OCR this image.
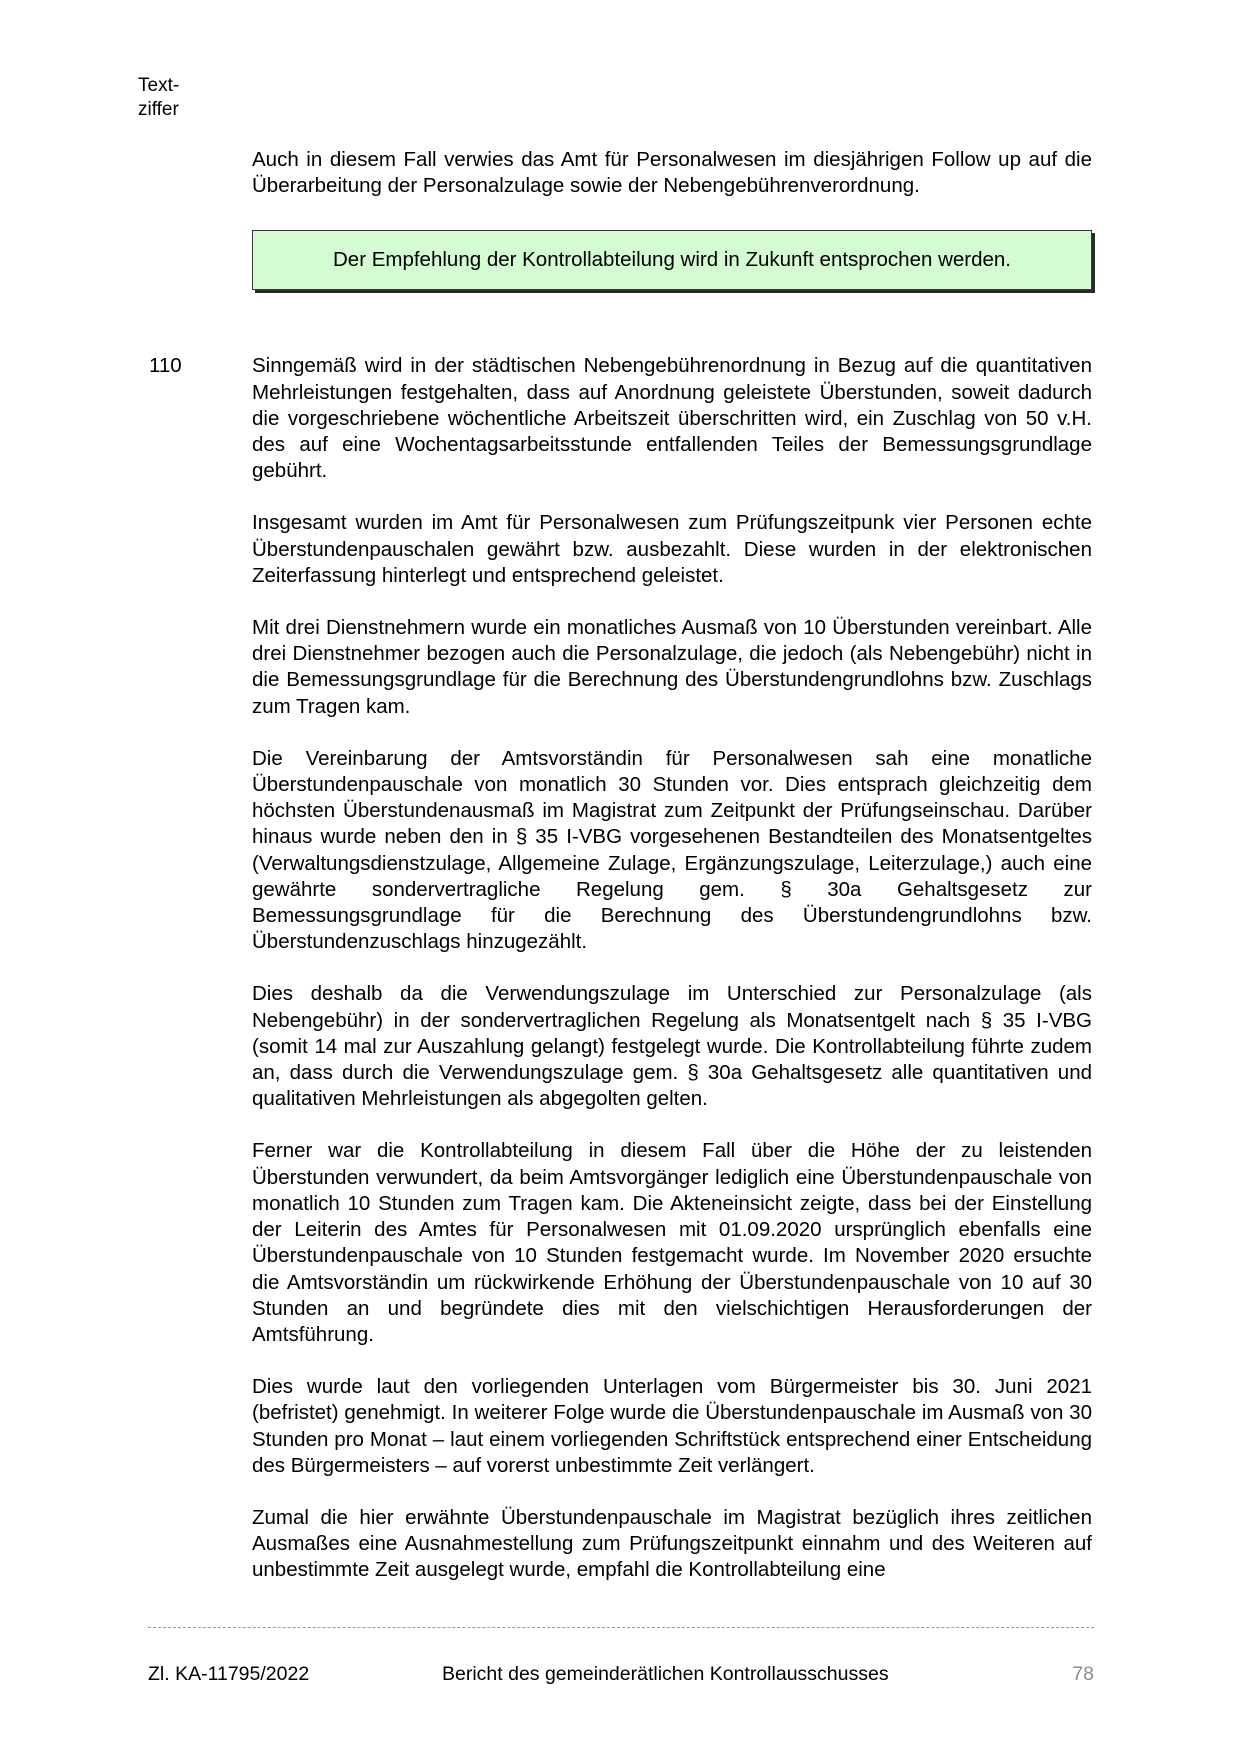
Text-
ziffer

Auch in diesem Fall verwies das Amt für Personalwesen im diesjährigen Follow up auf die Überarbeitung der Personalzulage sowie der Nebengebührenverordnung.

Der Empfehlung der Kontrollabteilung wird in Zukunft entsprochen werden.
110	Sinngemäß wird in der städtischen Nebengebührenordnung in Bezug auf die quantitativen Mehrleistungen festgehalten, dass auf Anordnung geleistete Überstunden, soweit dadurch die vorgeschriebene wöchentliche Arbeitszeit überschritten wird, ein Zuschlag von 50 v.H. des auf eine Wochentagsarbeitsstunde entfallenden Teiles der Bemessungsgrundlage gebührt.

Insgesamt wurden im Amt für Personalwesen zum Prüfungszeitpunk vier Personen echte Überstundenpauschalen gewährt bzw. ausbezahlt. Diese wurden in der elektronischen Zeiterfassung hinterlegt und entsprechend geleistet.

Mit drei Dienstnehmern wurde ein monatliches Ausmaß von 10 Überstunden vereinbart. Alle drei Dienstnehmer bezogen auch die Personalzulage, die jedoch (als Nebengebühr) nicht in die Bemessungsgrundlage für die Berechnung des Überstundengrundlohns bzw. Zuschlags zum Tragen kam.

Die Vereinbarung der Amtsvorständin für Personalwesen sah eine monatliche Überstundenpauschale von monatlich 30 Stunden vor. Dies entsprach gleichzeitig dem höchsten Überstundenausmaß im Magistrat zum Zeitpunkt der Prüfungseinschau. Darüber hinaus wurde neben den in § 35 I-VBG vorgesehenen Bestandteilen des Monatsentgeltes (Verwaltungsdienstzulage, Allgemeine Zulage, Ergänzungszulage, Leiterzulage,) auch eine gewährte sondervertragliche Regelung gem. § 30a Gehaltsgesetz zur Bemessungsgrundlage für die Berechnung des Überstundengrundlohns bzw. Überstundenzuschlags hinzugezählt.

Dies deshalb da die Verwendungszulage im Unterschied zur Personalzulage (als Nebengebühr) in der sondervertraglichen Regelung als Monatsentgelt nach § 35 I-VBG (somit 14 mal zur Auszahlung gelangt) festgelegt wurde. Die Kontrollabteilung führte zudem an, dass durch die Verwendungszulage gem. § 30a Gehaltsgesetz alle quantitativen und qualitativen Mehrleistungen als abgegolten gelten.

Ferner war die Kontrollabteilung in diesem Fall über die Höhe der zu leistenden Überstunden verwundert, da beim Amtsvorgänger lediglich eine Überstundenpauschale von monatlich 10 Stunden zum Tragen kam. Die Akteneinsicht zeigte, dass bei der Einstellung der Leiterin des Amtes für Personalwesen mit 01.09.2020 ursprünglich ebenfalls eine Überstundenpauschale von 10 Stunden festgemacht wurde. Im November 2020 ersuchte die Amtsvorständin um rückwirkende Erhöhung der Überstundenpauschale von 10 auf 30 Stunden an und begründete dies mit den vielschichtigen Herausforderungen der Amtsführung.

Dies wurde laut den vorliegenden Unterlagen vom Bürgermeister bis 30. Juni 2021 (befristet) genehmigt. In weiterer Folge wurde die Überstundenpauschale im Ausmaß von 30 Stunden pro Monat – laut einem vorliegenden Schriftstück entsprechend einer Entscheidung des Bürgermeisters – auf vorerst unbestimmte Zeit verlängert.

Zumal die hier erwähnte Überstundenpauschale im Magistrat bezüglich ihres zeitlichen Ausmaßes eine Ausnahmestellung zum Prüfungszeitpunkt einnahm und des Weiteren auf unbestimmte Zeit ausgelegt wurde, empfahl die Kontrollabteilung eine

Zl. KA-11795/2022	Bericht des gemeinderätlichen Kontrollausschusses	78
